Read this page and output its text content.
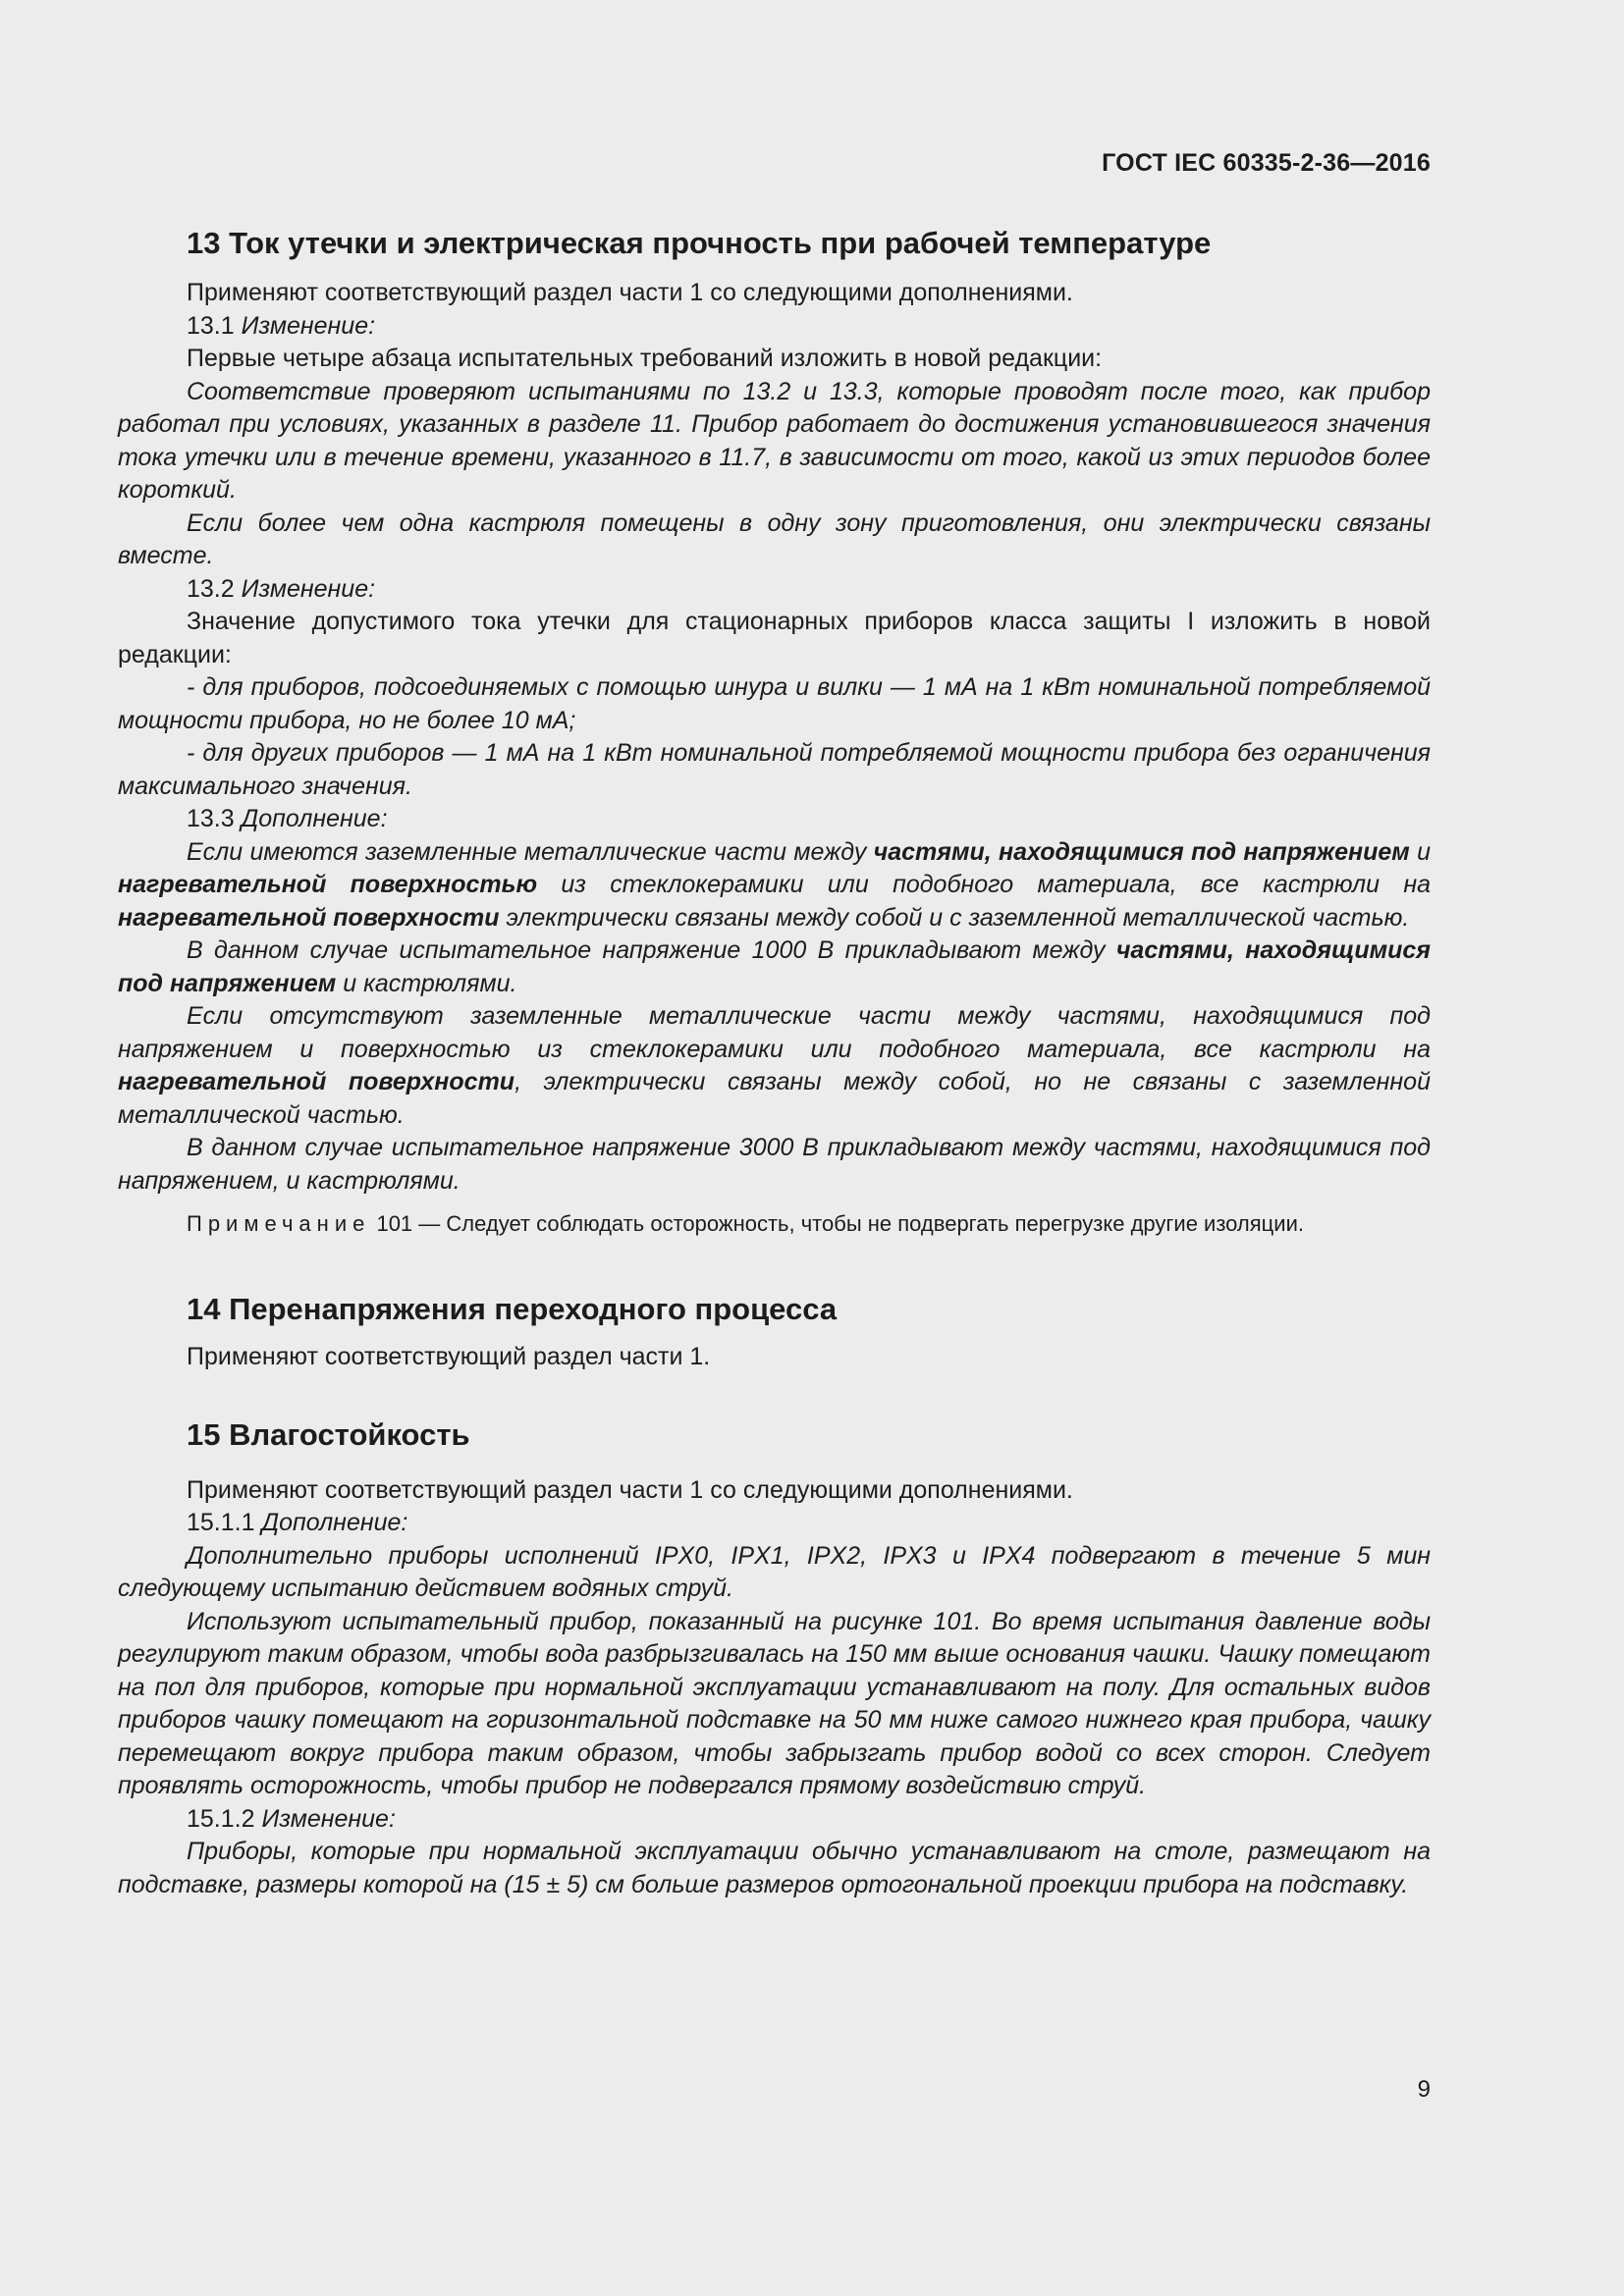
ГОСТ IEC 60335-2-36—2016
13 Ток утечки и электрическая прочность при рабочей температуре

Применяют соответствующий раздел части 1 со следующими дополнениями.

13.1 Изменение:

Первые четыре абзаца испытательных требований изложить в новой редакции:

Соответствие проверяют испытаниями по 13.2 и 13.3, которые проводят после того, как прибор работал при условиях, указанных в разделе 11. Прибор работает до достижения установившегося значения тока утечки или в течение времени, указанного в 11.7, в зависимости от того, какой из этих периодов более короткий.

Если более чем одна кастрюля помещены в одну зону приготовления, они электрически связаны вместе.

13.2 Изменение:

Значение допустимого тока утечки для стационарных приборов класса защиты I изложить в новой редакции:

- для приборов, подсоединяемых с помощью шнура и вилки — 1 мА на 1 кВт номинальной потребляемой мощности прибора, но не более 10 мА;

- для других приборов — 1 мА на 1 кВт номинальной потребляемой мощности прибора без ограничения максимального значения.

13.3 Дополнение:

Если имеются заземленные металлические части между частями, находящимися под напряжением и нагревательной поверхностью из стеклокерамики или подобного материала, все кастрюли на нагревательной поверхности электрически связаны между собой и с заземленной металлической частью.

В данном случае испытательное напряжение 1000 В прикладывают между частями, находящимися под напряжением и кастрюлями.

Если отсутствуют заземленные металлические части между частями, находящимися под напряжением и поверхностью из стеклокерамики или подобного материала, все кастрюли на нагревательной поверхности, электрически связаны между собой, но не связаны с заземленной металлической частью.

В данном случае испытательное напряжение 3000 В прикладывают между частями, находящимися под напряжением, и кастрюлями.

Примечание 101 — Следует соблюдать осторожность, чтобы не подвергать перегрузке другие изоляции.

14 Перенапряжения переходного процесса

Применяют соответствующий раздел части 1.

15 Влагостойкость

Применяют соответствующий раздел части 1 со следующими дополнениями.

15.1.1 Дополнение:

Дополнительно приборы исполнений IPX0, IPX1, IPX2, IPX3 и IPX4 подвергают в течение 5 мин следующему испытанию действием водяных струй.

Используют испытательный прибор, показанный на рисунке 101. Во время испытания давление воды регулируют таким образом, чтобы вода разбрызгивалась на 150 мм выше основания чашки. Чашку помещают на пол для приборов, которые при нормальной эксплуатации устанавливают на полу. Для остальных видов приборов чашку помещают на горизонтальной подставке на 50 мм ниже самого нижнего края прибора, чашку перемещают вокруг прибора таким образом, чтобы забрызгать прибор водой со всех сторон. Следует проявлять осторожность, чтобы прибор не подвергался прямому воздействию струй.

15.1.2 Изменение:

Приборы, которые при нормальной эксплуатации обычно устанавливают на столе, размещают на подставке, размеры которой на (15 ± 5) см больше размеров ортогональной проекции прибора на подставку.

9
